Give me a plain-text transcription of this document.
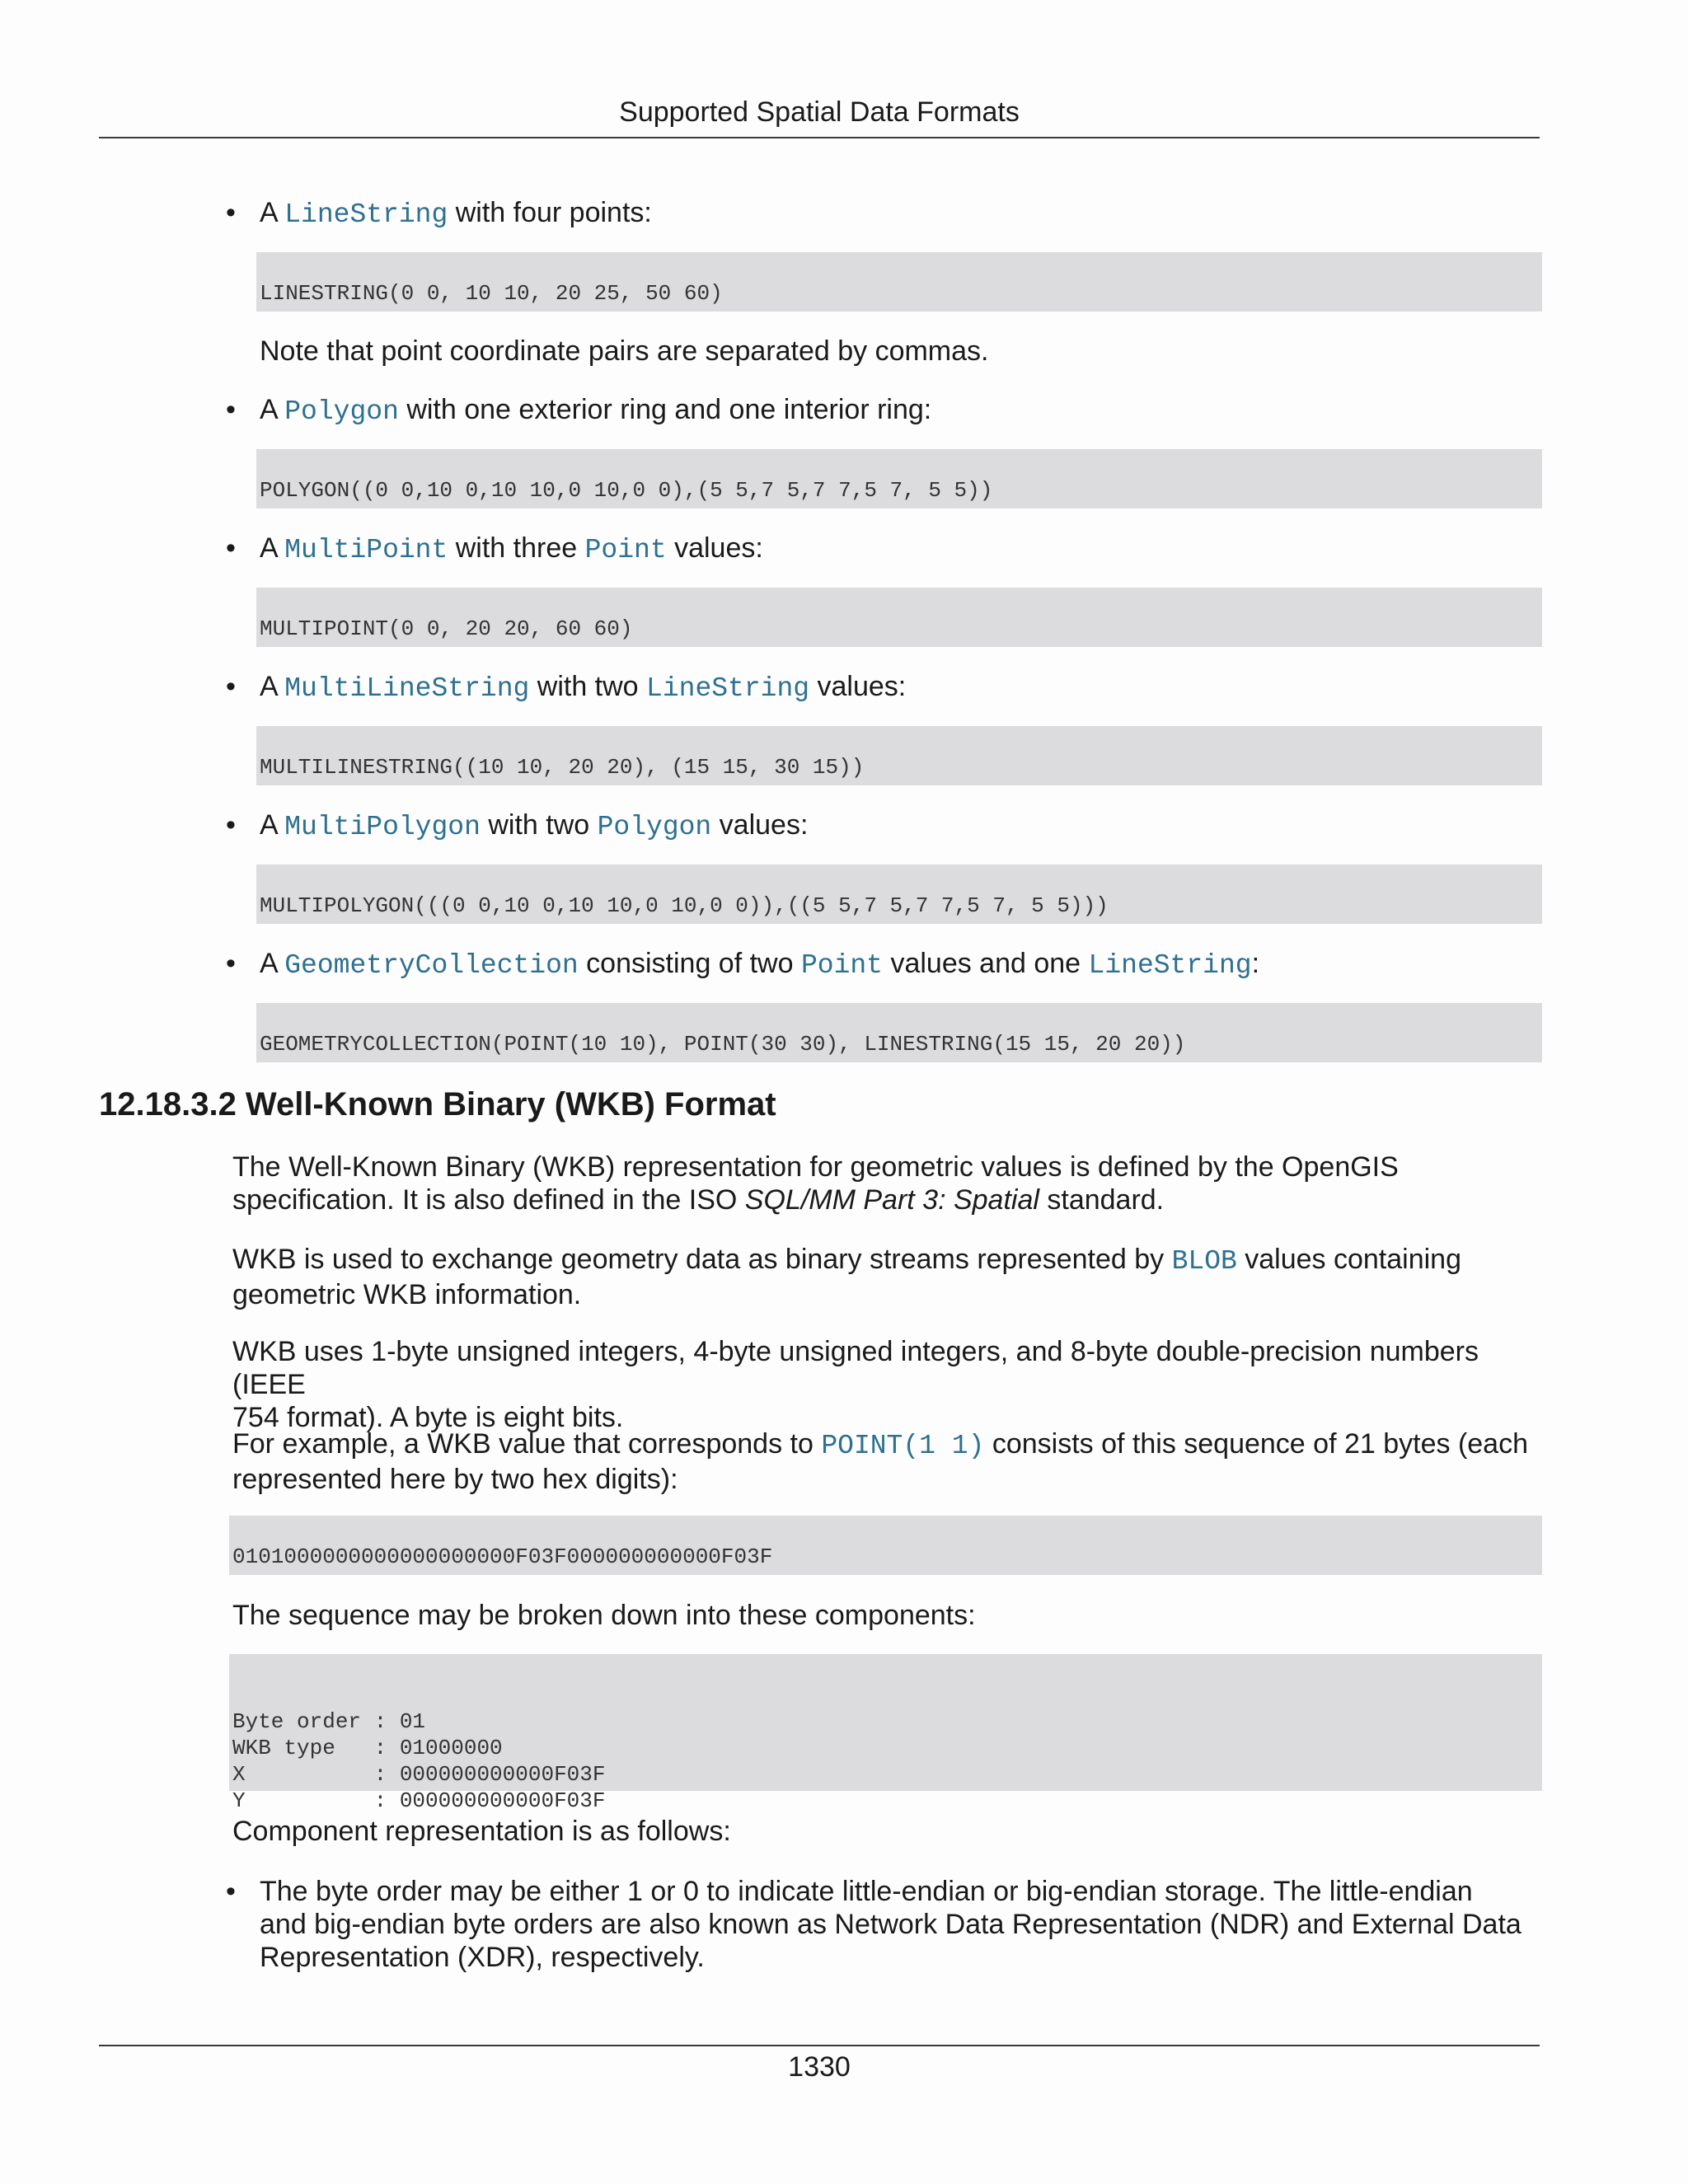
Supported Spatial Data Formats
• A LineString with four points:
LINESTRING(0 0, 10 10, 20 25, 50 60)
Note that point coordinate pairs are separated by commas.
• A Polygon with one exterior ring and one interior ring:
POLYGON((0 0,10 0,10 10,0 10,0 0),(5 5,7 5,7 7,5 7, 5 5))
• A MultiPoint with three Point values:
MULTIPOINT(0 0, 20 20, 60 60)
• A MultiLineString with two LineString values:
MULTILINESTRING((10 10, 20 20), (15 15, 30 15))
• A MultiPolygon with two Polygon values:
MULTIPOLYGON(((0 0,10 0,10 10,0 10,0 0)),((5 5,7 5,7 7,5 7, 5 5)))
• A GeometryCollection consisting of two Point values and one LineString:
GEOMETRYCOLLECTION(POINT(10 10), POINT(30 30), LINESTRING(15 15, 20 20))
12.18.3.2 Well-Known Binary (WKB) Format
The Well-Known Binary (WKB) representation for geometric values is defined by the OpenGIS
specification. It is also defined in the ISO SQL/MM Part 3: Spatial standard.
WKB is used to exchange geometry data as binary streams represented by BLOB values containing
geometric WKB information.
WKB uses 1-byte unsigned integers, 4-byte unsigned integers, and 8-byte double-precision numbers (IEEE
754 format). A byte is eight bits.
For example, a WKB value that corresponds to POINT(1 1) consists of this sequence of 21 bytes (each
represented here by two hex digits):
0101000000000000000000F03F000000000000F03F
The sequence may be broken down into these components:

Byte order : 01
WKB type   : 01000000
X          : 000000000000F03F
Y          : 000000000000F03F
Component representation is as follows:
• The byte order may be either 1 or 0 to indicate little-endian or big-endian storage. The little-endian
and big-endian byte orders are also known as Network Data Representation (NDR) and External Data
Representation (XDR), respectively.
1330
